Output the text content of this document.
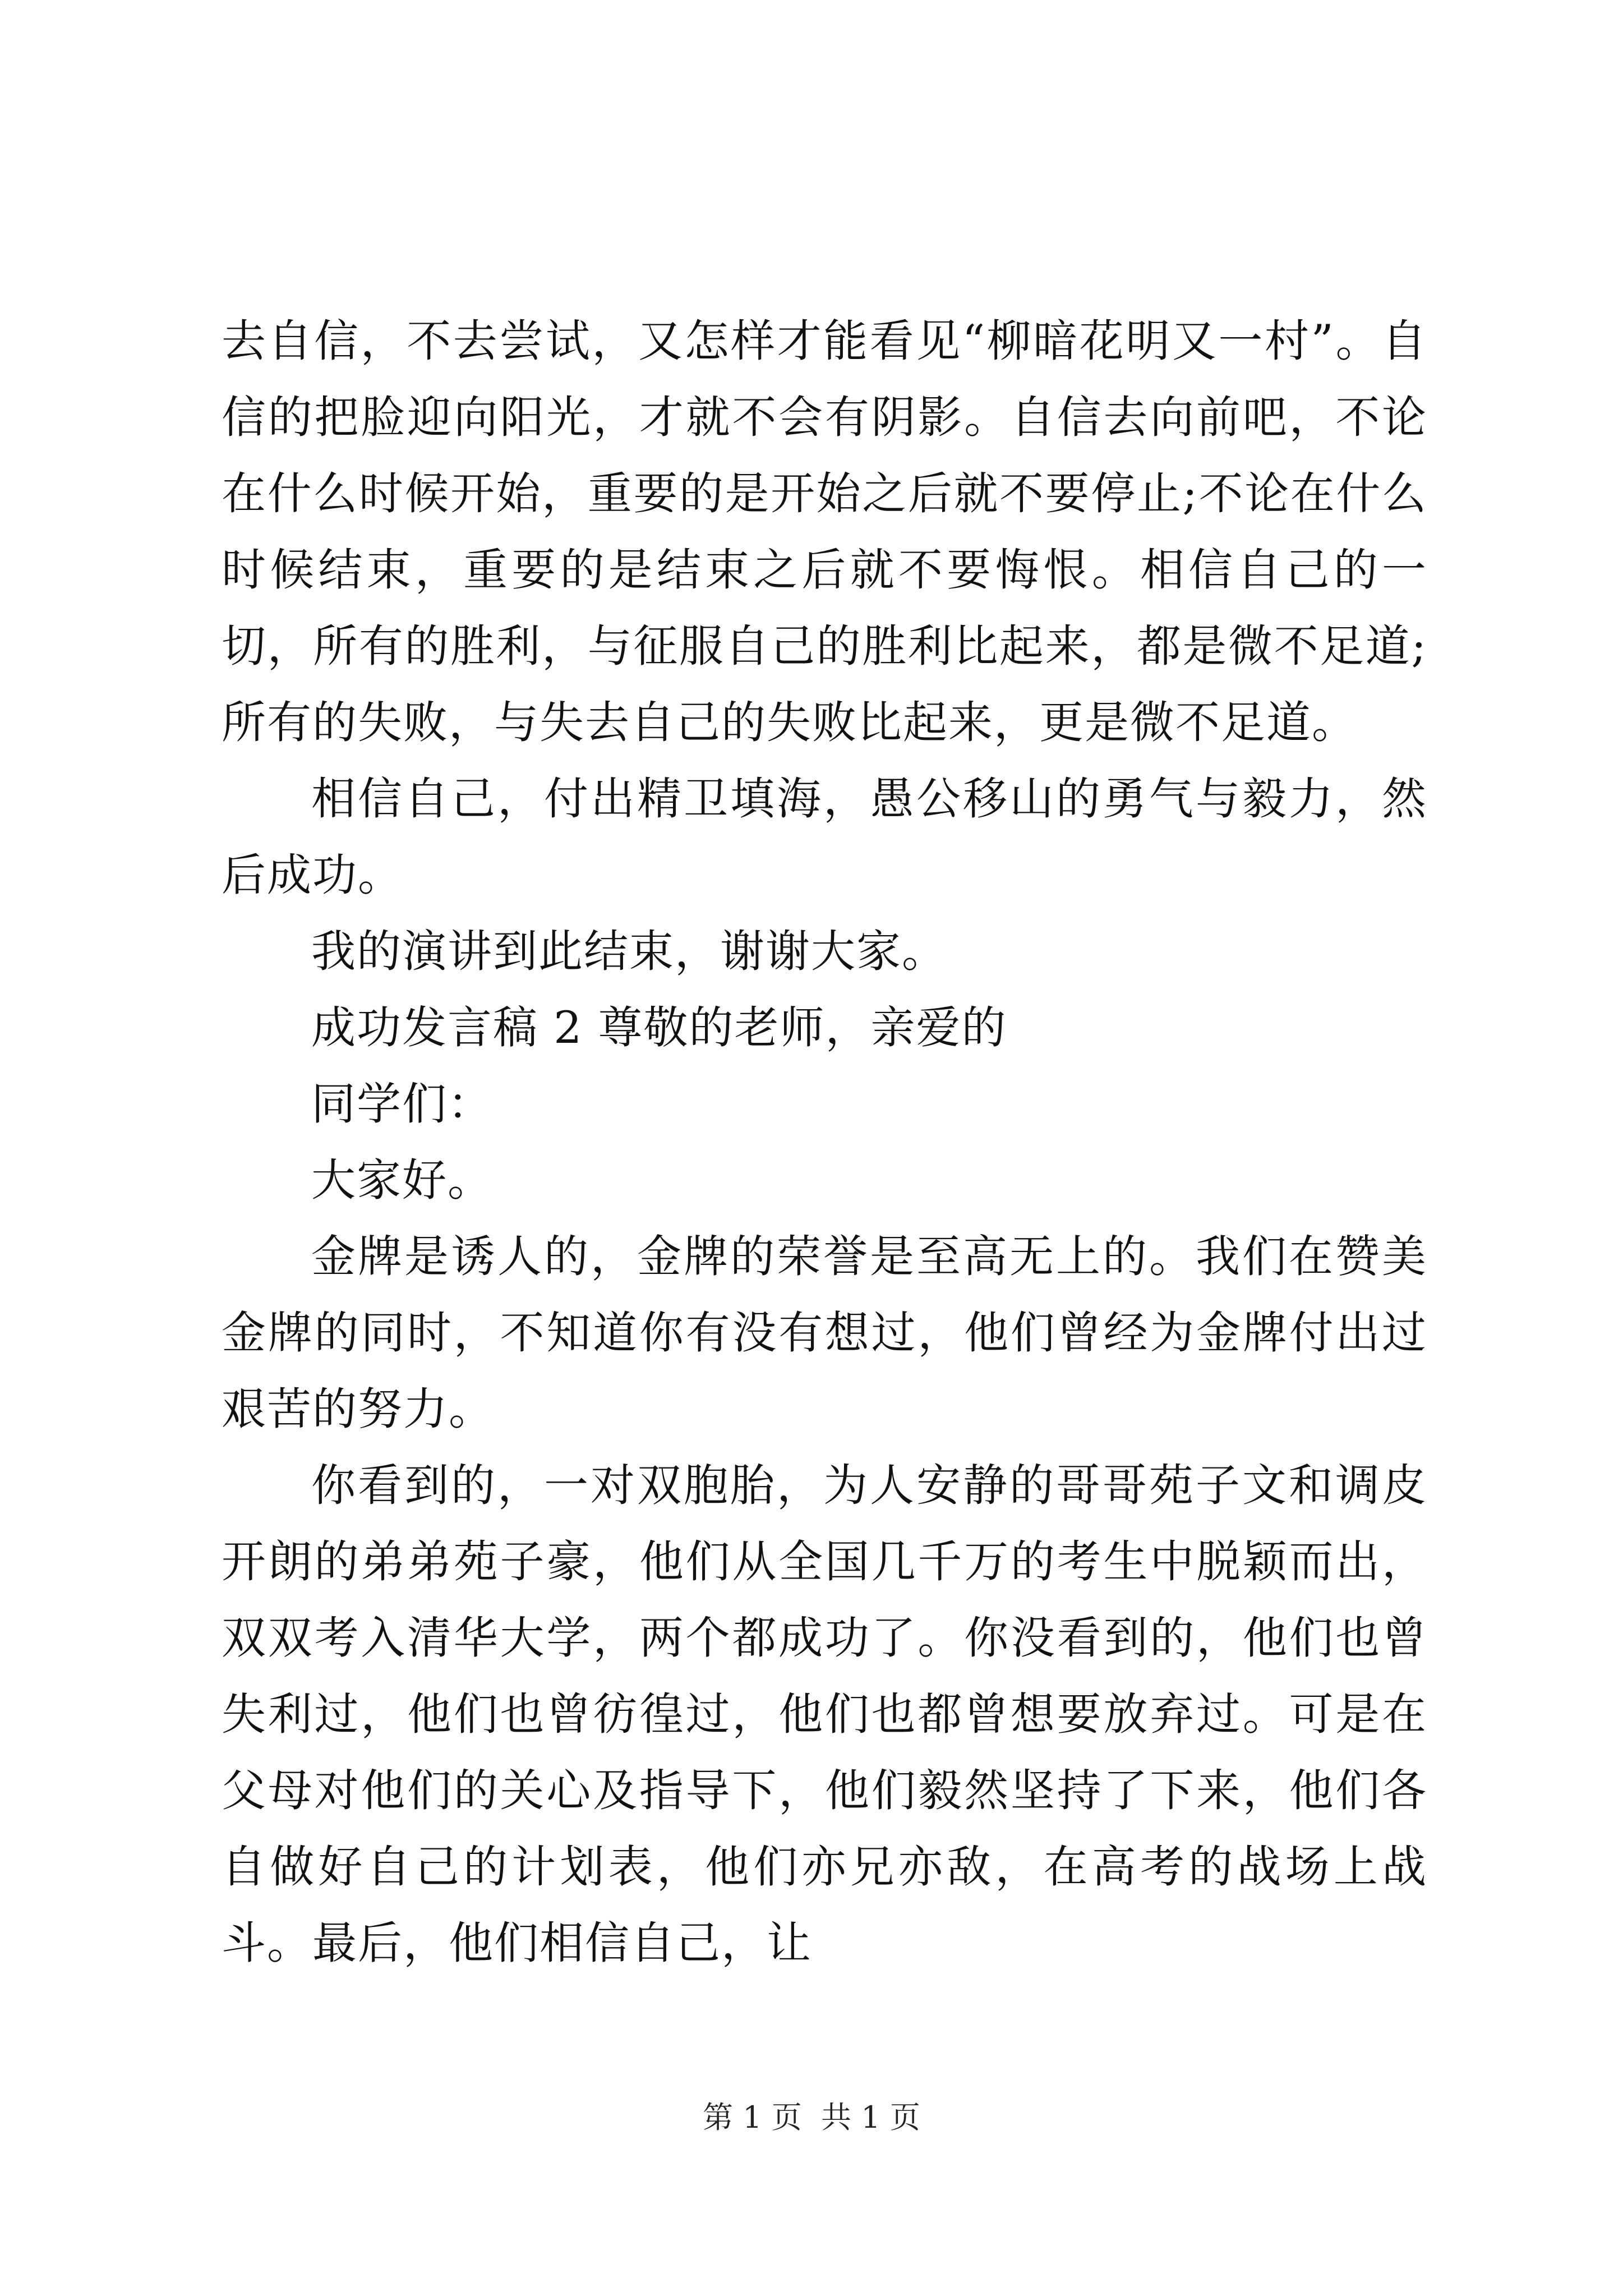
去自信，不去尝试，又怎样才能看见“柳暗花明又一村”。自信的把脸迎向阳光，才就不会有阴影。自信去向前吧，不论在什么时候开始，重要的是开始之后就不要停止;不论在什么时候结束，重要的是结束之后就不要悔恨。相信自己的一切，所有的胜利，与征服自己的胜利比起来，都是微不足道;所有的失败，与失去自己的失败比起来，更是微不足道。

相信自己，付出精卫填海，愚公移山的勇气与毅力，然后成功。

我的演讲到此结束，谢谢大家。

成功发言稿 2 尊敬的老师，亲爱的

同学们：

大家好。

金牌是诱人的，金牌的荣誉是至高无上的。我们在赞美金牌的同时，不知道你有没有想过，他们曾经为金牌付出过艰苦的努力。

你看到的，一对双胞胎，为人安静的哥哥苑子文和调皮开朗的弟弟苑子豪，他们从全国几千万的考生中脱颖而出，双双考入清华大学，两个都成功了。你没看到的，他们也曾失利过，他们也曾彷徨过，他们也都曾想要放弃过。可是在父母对他们的关心及指导下，他们毅然坚持了下来，他们各自做好自己的计划表，他们亦兄亦敌，在高考的战场上战斗。最后，他们相信自己，让

第 1 页  共 1 页
